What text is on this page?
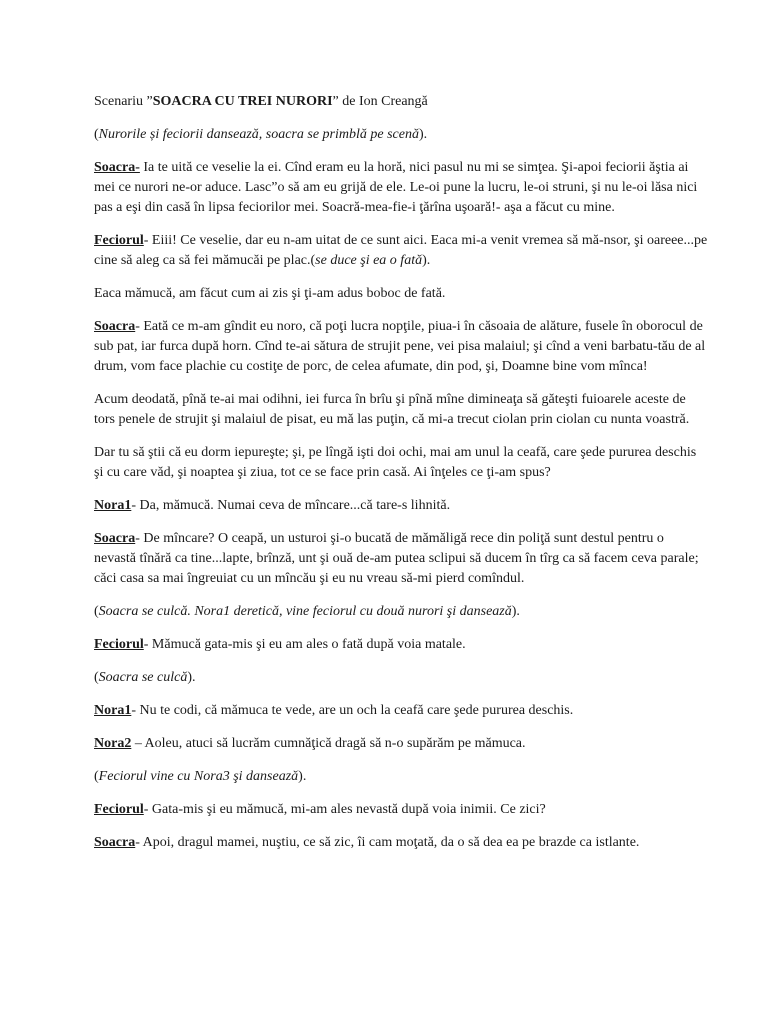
Scenariu ”SOACRA CU TREI NURORI” de Ion Creangă

(Nurorile și feciorii dansează, soacra se primblă pe scenă).

Soacra- Ia te uită ce veselie la ei. Cînd eram eu la horă, nici pasul nu mi se simţea. Şi-apoi feciorii ăştia ai mei ce nurori ne-or aduce. Lasc”o să am eu grijă de ele. Le-oi pune la lucru, le-oi struni, şi nu le-oi lăsa nici pas a eşi din casă în lipsa feciorilor mei. Soacră-mea-fie-i ţărîna uşoară!- aşa a făcut cu mine.

Feciorul- Eiii! Ce veselie, dar eu n-am uitat de ce sunt aici. Eaca mi-a venit vremea să mă-nsor, şi oareee...pe cine să aleg ca să fei mămucăi pe plac.(se duce şi ea o fată).

Eaca mămucă, am făcut cum ai zis şi ţi-am adus boboc de fată.

Soacra- Eată ce m-am gîndit eu noro, că poţi lucra nopţile, piua-i în căsoaia de alăture, fusele în oborocul de sub pat, iar furca după horn. Cînd te-ai sătura de strujit pene, vei pisa malaiul; şi cînd a veni barbatu-tău de al drum, vom face plachie cu costiţe de porc, de celea afumate, din pod, şi, Doamne bine vom mînca!

Acum deodată, pînă te-ai mai odihni, iei furca în brîu şi pînă mîne dimineaţa să găteşti fuioarele aceste de tors penele de strujit şi malaiul de pisat, eu mă las puţin, că mi-a trecut ciolan prin ciolan cu nunta voastră.

Dar tu să ştii că eu dorm iepureşte; şi, pe lîngă işti doi ochi, mai am unul la ceafă, care şede pururea deschis şi cu care văd, şi noaptea şi ziua, tot ce se face prin casă. Ai înţeles ce ţi-am spus?

Nora1- Da, mămucă. Numai ceva de mîncare...că tare-s lihnită.

Soacra- De mîncare? O ceapă, un usturoi şi-o bucată de mămăligă rece din poliţă sunt destul pentru o nevastă tînără ca tine...lapte, brînză, unt şi ouă de-am putea sclipui să ducem în tîrg ca să facem ceva parale; căci casa sa mai îngreuiat cu un mîncău şi eu nu vreau să-mi pierd comîndul.

(Soacra se culcă. Nora1 deretică, vine feciorul cu două nurori şi dansează).

Feciorul- Mămucă gata-mis şi eu am ales o fată după voia matale.

(Soacra se culcă).

Nora1- Nu te codi, că mămuca te vede, are un och la ceafă care şede pururea deschis.

Nora2 – Aoleu, atuci să lucrăm cumnăţică dragă să n-o supărăm pe mămuca.

(Feciorul vine cu Nora3 şi dansează).

Feciorul- Gata-mis şi eu mămucă, mi-am ales nevastă după voia inimii. Ce zici?

Soacra- Apoi, dragul mamei, nuştiu, ce să zic, îi cam moţată, da o să dea ea pe brazde ca istlante.
